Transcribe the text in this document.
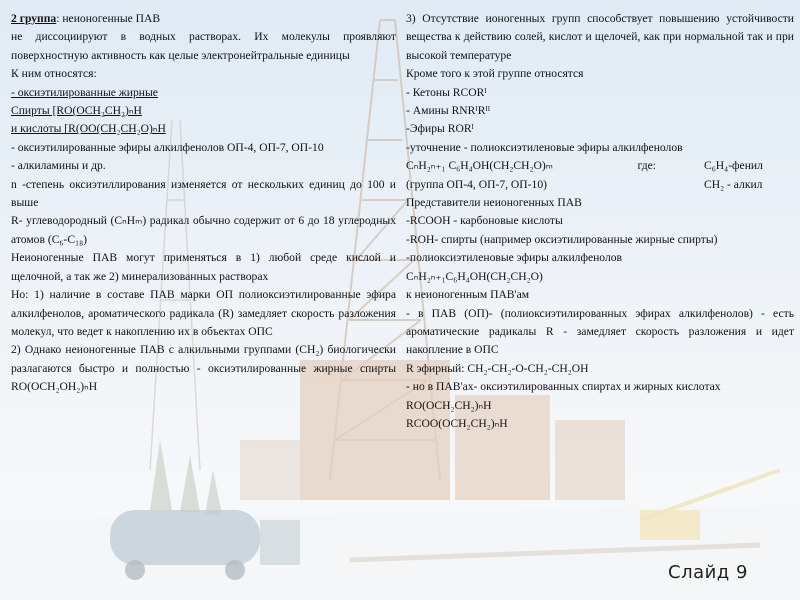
2 группа: неионогенные ПАВ

не диссоциируют в водных растворах. Их молекулы проявляют поверхностную активность как целые электронейтральные единицы

К ним относятся:

- оксиэтилированные жирные

Спирты [RO(OCH₂CH₂)ₙH

и кислоты [R(OO(CH₂CH₂O)ₙH

- оксиэтилированные эфиры алкилфенолов ОП-4, ОП-7, ОП-10

- алкиламины и др.

n -степень оксиэтиллирования изменяется от нескольких единиц до 100 и выше

R- углеводородный (CₙHₘ) радикал обычно содержит от 6 до 18 углеродных атомов (C₆-C₁₈)

Неионогенные ПАВ могут применяться в 1) любой среде кислой и щелочной, а так же 2) минерализованных растворах

Но: 1) наличие в составе ПАВ марки ОП полиоксиэтилированные эфира алкилфенолов, ароматического радикала (R) замедляет скорость разложения молекул, что ведет к накоплению их в объектах ОПС

2) Однако неионогенные ПАВ с алкильными группами (CH₂) биологически разлагаются быстро и полностью - оксиэтилированные жирные спирты RO(OCH₂OH₂)ₙH

3) Отсутствие ионогенных групп способствует повышению устойчивости вещества к действию солей, кислот и щелочей, как при нормальной так и при высокой температуре

Кроме того к этой группе относятся

- Кетоны RCORᴵ

- Амины RNRᴵRᴵᴵ

-Эфиры RORᴵ

-уточнение - полиоксиэтиленовые эфиры алкилфенолов

CₙH₂ₙ₊₁ C₆H₄OH(CH₂CH₂O)ₘ	где:	C₆H₄-фенил
(группа ОП-4, ОП-7, ОП-10)	CH₂ - алкил

Представители неионогенных ПАВ

-RCOOH - карбоновые кислоты

-ROH- спирты (например оксиэтилированные жирные спирты)

-полиоксиэтиленовые эфиры алкилфенолов

CₙH₂ₙ₊₁C₆H₄OH(CH₂CH₂O)

к неионогенным ПАВ'ам

- в ПАВ (ОП)- (полиоксиэтилированных эфирах алкилфенолов) - есть ароматические радикалы R - замедляет скорость разложения и идет накопление в ОПС

R эфирный: CH₂-CH₂-O-CH₂-CH₂OH

- но в ПАВ'ах- оксиэтилированных спиртах и жирных кислотах

RO(OCH₂CH₂)ₙH

RCOO(OCH₂CH₂)ₙH

Слайд 9
